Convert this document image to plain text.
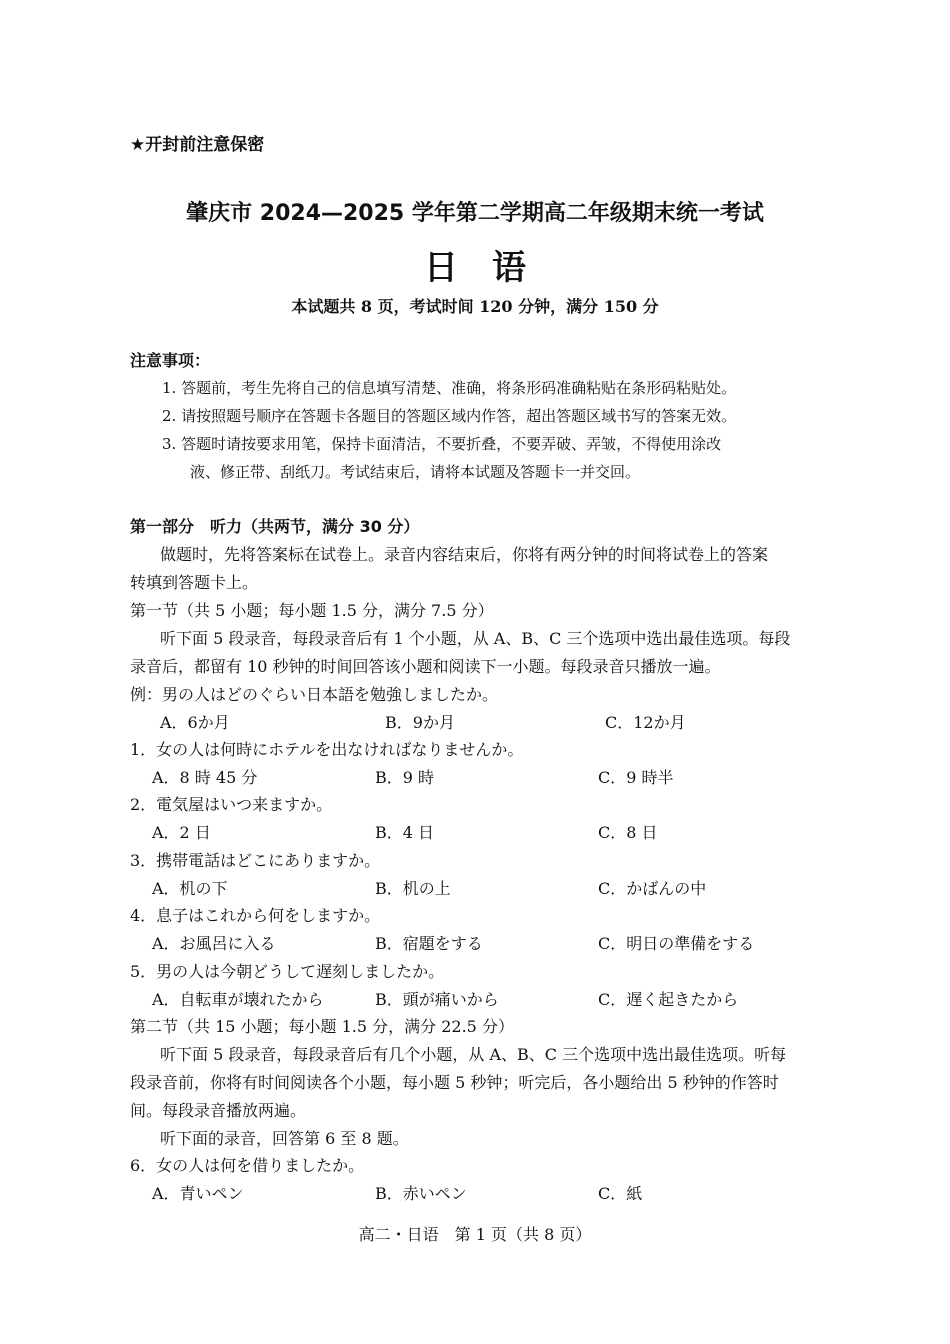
★开封前注意保密
肇庆市 2024—2025 学年第二学期高二年级期末统一考试
日　语
本试题共 8 页，考试时间 120 分钟，满分 150 分
注意事项：
1. 答题前，考生先将自己的信息填写清楚、准确，将条形码准确粘贴在条形码粘贴处。
2. 请按照题号顺序在答题卡各题目的答题区域内作答，超出答题区域书写的答案无效。
3. 答题时请按要求用笔，保持卡面清洁，不要折叠，不要弄破、弄皱，不得使用涂改
液、修正带、刮纸刀。考试结束后，请将本试题及答题卡一并交回。
第一部分　听力（共两节，满分 30 分）
做题时，先将答案标在试卷上。录音内容结束后，你将有两分钟的时间将试卷上的答案
转填到答题卡上。
第一节（共 5 小题；每小题 1.5 分，满分 7.5 分）
听下面 5 段录音，每段录音后有 1 个小题，从 A、B、C 三个选项中选出最佳选项。每段
录音后，都留有 10 秒钟的时间回答该小题和阅读下一小题。每段录音只播放一遍。
例：男の人はどのぐらい日本語を勉強しましたか。
A．6か月	B．9か月	C．12か月
1．女の人は何時にホテルを出なければなりませんか。
A．8 時 45 分	B．9 時	C．9 時半
2．電気屋はいつ来ますか。
A．2 日	B．4 日	C．8 日
3．携帯電話はどこにありますか。
A．机の下	B．机の上	C．かばんの中
4．息子はこれから何をしますか。
A．お風呂に入る	B．宿題をする	C．明日の準備をする
5．男の人は今朝どうして遅刻しましたか。
A．自転車が壊れたから	B．頭が痛いから	C．遅く起きたから
第二节（共 15 小题；每小题 1.5 分，满分 22.5 分）
听下面 5 段录音，每段录音后有几个小题，从 A、B、C 三个选项中选出最佳选项。听每
段录音前，你将有时间阅读各个小题，每小题 5 秒钟；听完后，各小题给出 5 秒钟的作答时
间。每段录音播放两遍。
听下面的录音，回答第 6 至 8 题。
6．女の人は何を借りましたか。
A．青いペン	B．赤いペン	C．紙
高二・日语　第 1 页（共 8 页）
